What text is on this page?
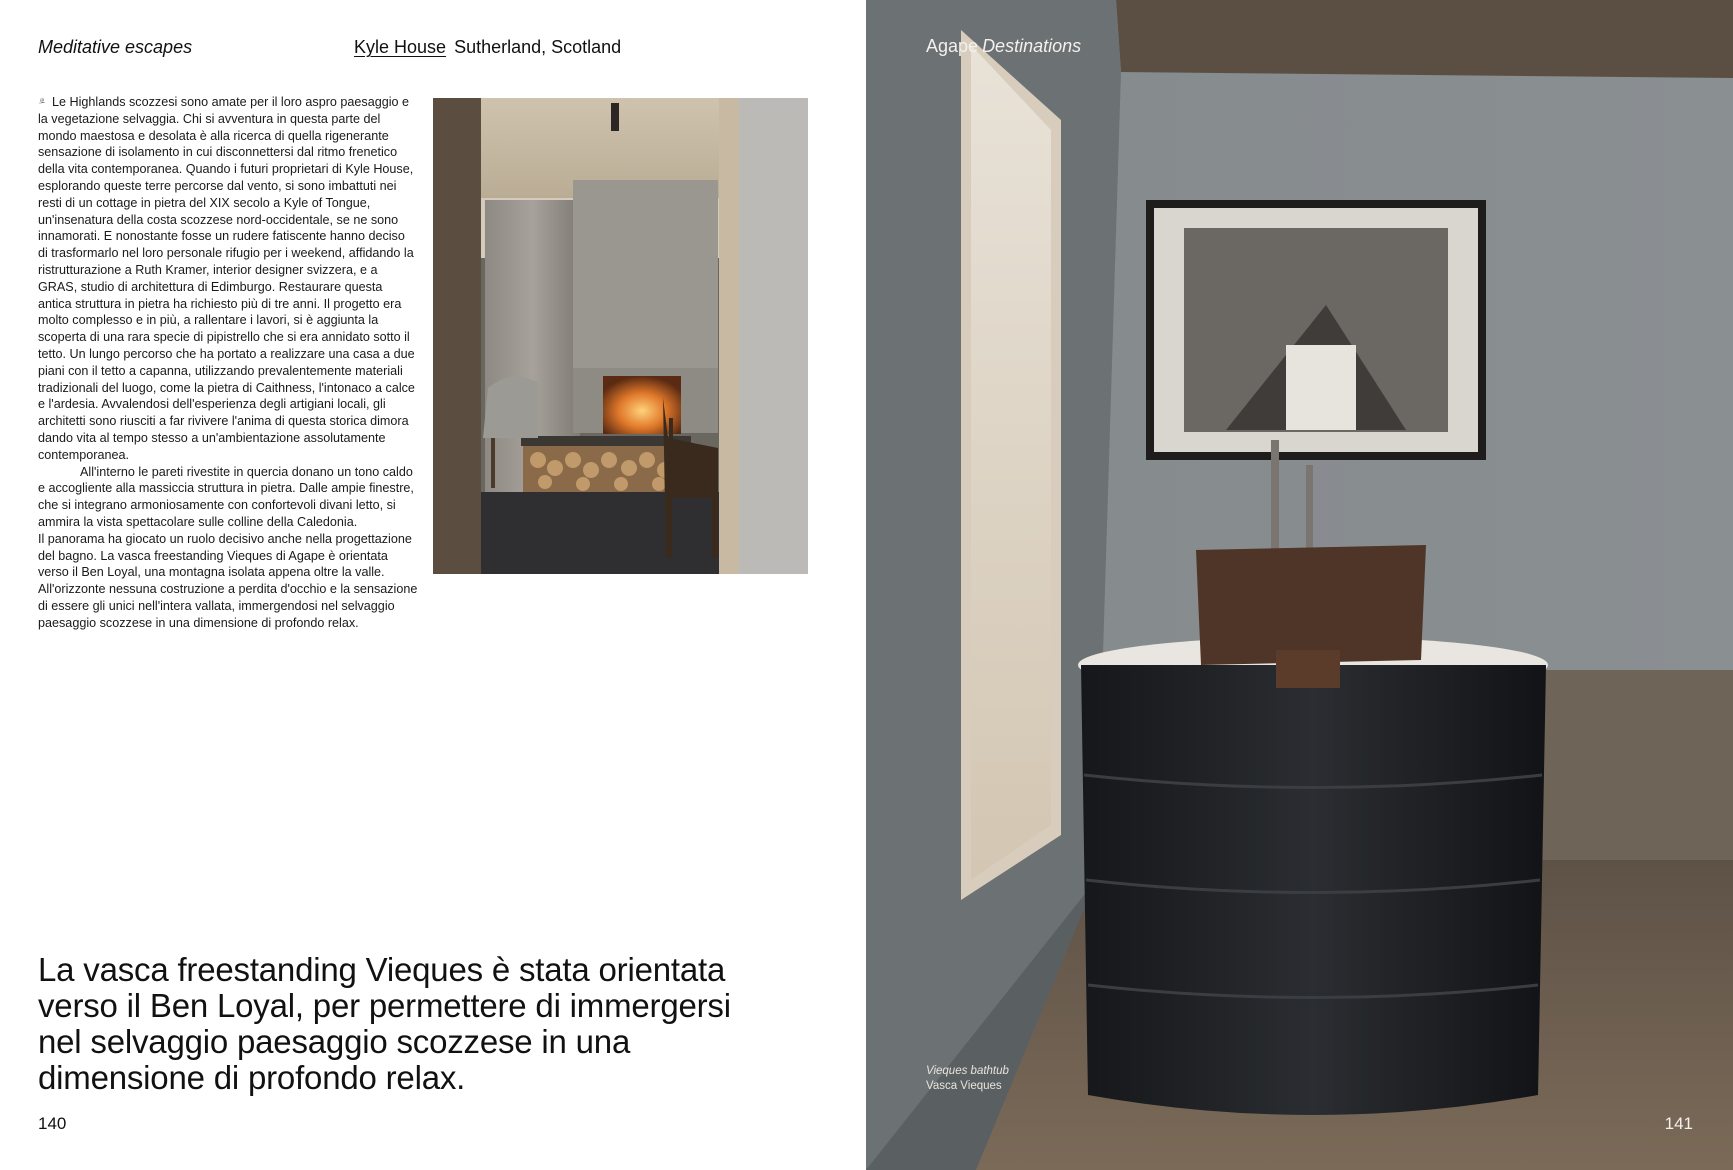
Meditative escapes	Kyle House Sutherland, Scotland

$^ㄓ$ Le Highlands scozzesi sono amate per il loro aspro paesaggio e la vegetazione selvaggia. Chi si avventura in questa parte del mondo maestosa e desolata è alla ricerca di quella rigenerante sensazione di isolamento in cui disconnettersi dal ritmo frenetico della vita contemporanea. Quando i futuri proprietari di Kyle House, esplorando queste terre percorse dal vento, si sono imbattuti nei resti di un cottage in pietra del XIX secolo a Kyle of Tongue, un'insenatura della costa scozzese nord-occidentale, se ne sono innamorati. E nonostante fosse un rudere fatiscente hanno deciso di trasformarlo nel loro personale rifugio per i weekend, affidando la ristrutturazione a Ruth Kramer, interior designer svizzera, e a GRAS, studio di architettura di Edimburgo. Restaurare questa antica struttura in pietra ha richiesto più di tre anni. Il progetto era molto complesso e in più, a rallentare i lavori, si è aggiunta la scoperta di una rara specie di pipistrello che si era annidato sotto il tetto. Un lungo percorso che ha portato a realizzare una casa a due piani con il tetto a capanna, utilizzando prevalentemente materiali tradizionali del luogo, come la pietra di Caithness, l'intonaco a calce e l'ardesia. Avvalendosi dell'esperienza degli artigiani locali, gli architetti sono riusciti a far rivivere l'anima di questa storica dimora dando vita al tempo stesso a un'ambientazione assolutamente contemporanea.

All'interno le pareti rivestite in quercia donano un tono caldo e accogliente alla massiccia struttura in pietra. Dalle ampie finestre, che si integrano armoniosamente con confortevoli divani letto, si ammira la vista spettacolare sulle colline della Caledonia.

Il panorama ha giocato un ruolo decisivo anche nella progettazione del bagno. La vasca freestanding Vieques di Agape è orientata verso il Ben Loyal, una montagna isolata appena oltre la valle. All'orizzonte nessuna costruzione a perdita d'occhio e la sensazione di essere gli unici nell'intera vallata, immergendosi nel selvaggio paesaggio scozzese in una dimensione di profondo relax.

La vasca freestanding Vieques è stata orientata verso il Ben Loyal, per permettere di immergersi nel selvaggio paesaggio scozzese in una dimensione di profondo relax.
140
Agape Destinations
Vieques bathtub
Vasca Vieques
141
